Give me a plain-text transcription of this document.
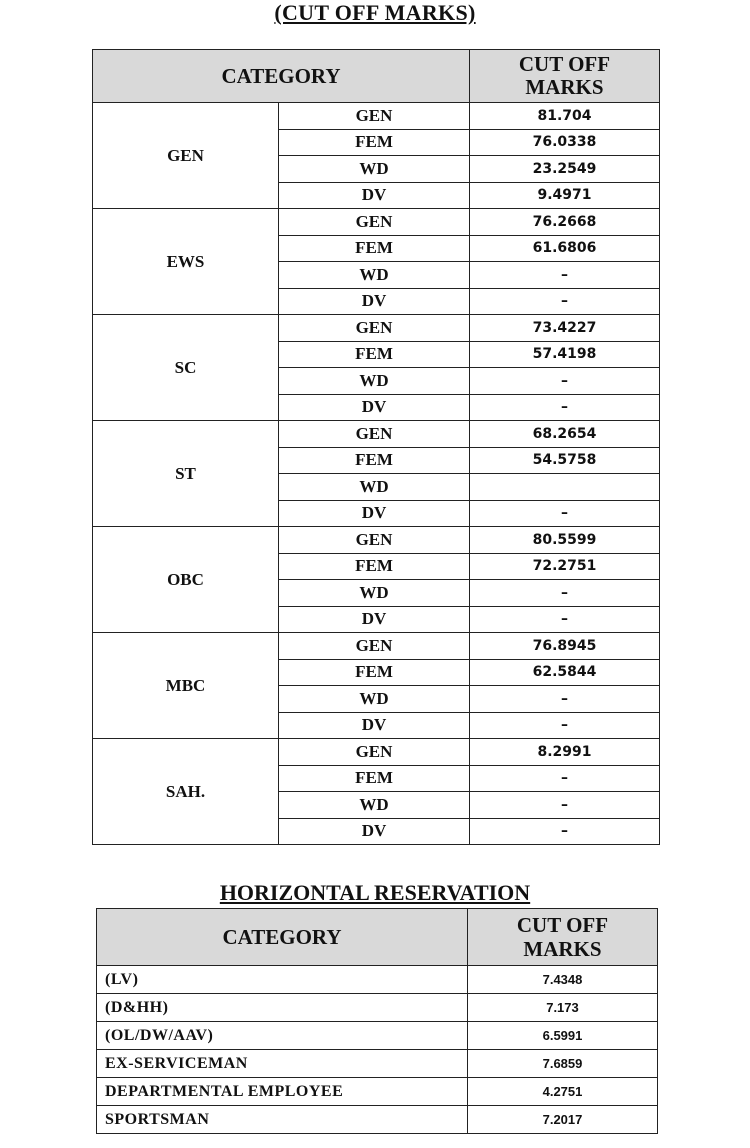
(CUT OFF MARKS)
CATEGORY		CUT OFF MARKS
GEN	GEN	81.704
	FEM	76.0338
	WD	23.2549
	DV	9.4971
EWS	GEN	76.2668
	FEM	61.6806
	WD	–
	DV	–
SC	GEN	73.4227
	FEM	57.4198
	WD	–
	DV	–
ST	GEN	68.2654
	FEM	54.5758
	WD	
	DV	–
OBC	GEN	80.5599
	FEM	72.2751
	WD	–
	DV	–
MBC	GEN	76.8945
	FEM	62.5844
	WD	–
	DV	–
SAH.	GEN	8.2991
	FEM	–
	WD	–
	DV	–
HORIZONTAL RESERVATION
CATEGORY	CUT OFF MARKS
(LV)	7.4348
(D&HH)	7.173
(OL/DW/AAV)	6.5991
EX-SERVICEMAN	7.6859
DEPARTMENTAL EMPLOYEE	4.2751
SPORTSMAN	7.2017
